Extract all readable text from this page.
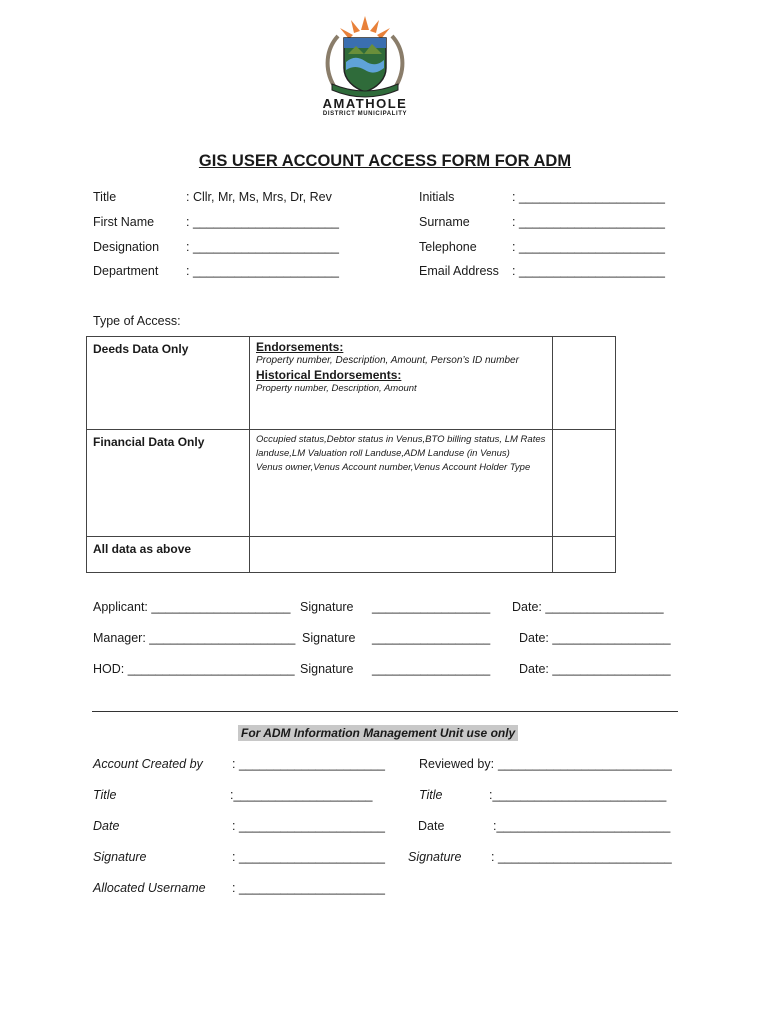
AMATHOLE
DISTRICT MUNICIPALITY
GIS USER ACCOUNT ACCESS FORM FOR ADM
Title	: Cllr, Mr, Ms, Mrs, Dr, Rev
First Name	: _____________________
Designation : _____________________
Department : _____________________
Initials	: _____________________
Surname	: _____________________
Telephone	: _____________________
Email Address : _____________________
Type of Access:
Deeds Data Only	Endorsements:
Property number, Description, Amount, Person’s ID number
Historical Endorsements:
Property number, Description, Amount	

Financial Data Only	Occupied status,Debtor status in Venus,BTO billing status, LM Rates landuse,LM Valuation roll Landuse,ADM Landuse (in Venus)
Venus owner,Venus Account number,Venus Account Holder Type	

All data as above		
Applicant: ____________________ Signature _________________ Date: _________________
Manager: _____________________ Signature _________________ Date: _________________
HOD: ________________________ Signature _________________ Date: _________________
For ADM Information Management Unit use only
Account Created by : _____________________
Title	:____________________
Date	: _____________________
Signature	: _____________________
Allocated Username : _____________________
Reviewed by: _________________________
Title	:_________________________
Date	:_________________________
Signature : _________________________
